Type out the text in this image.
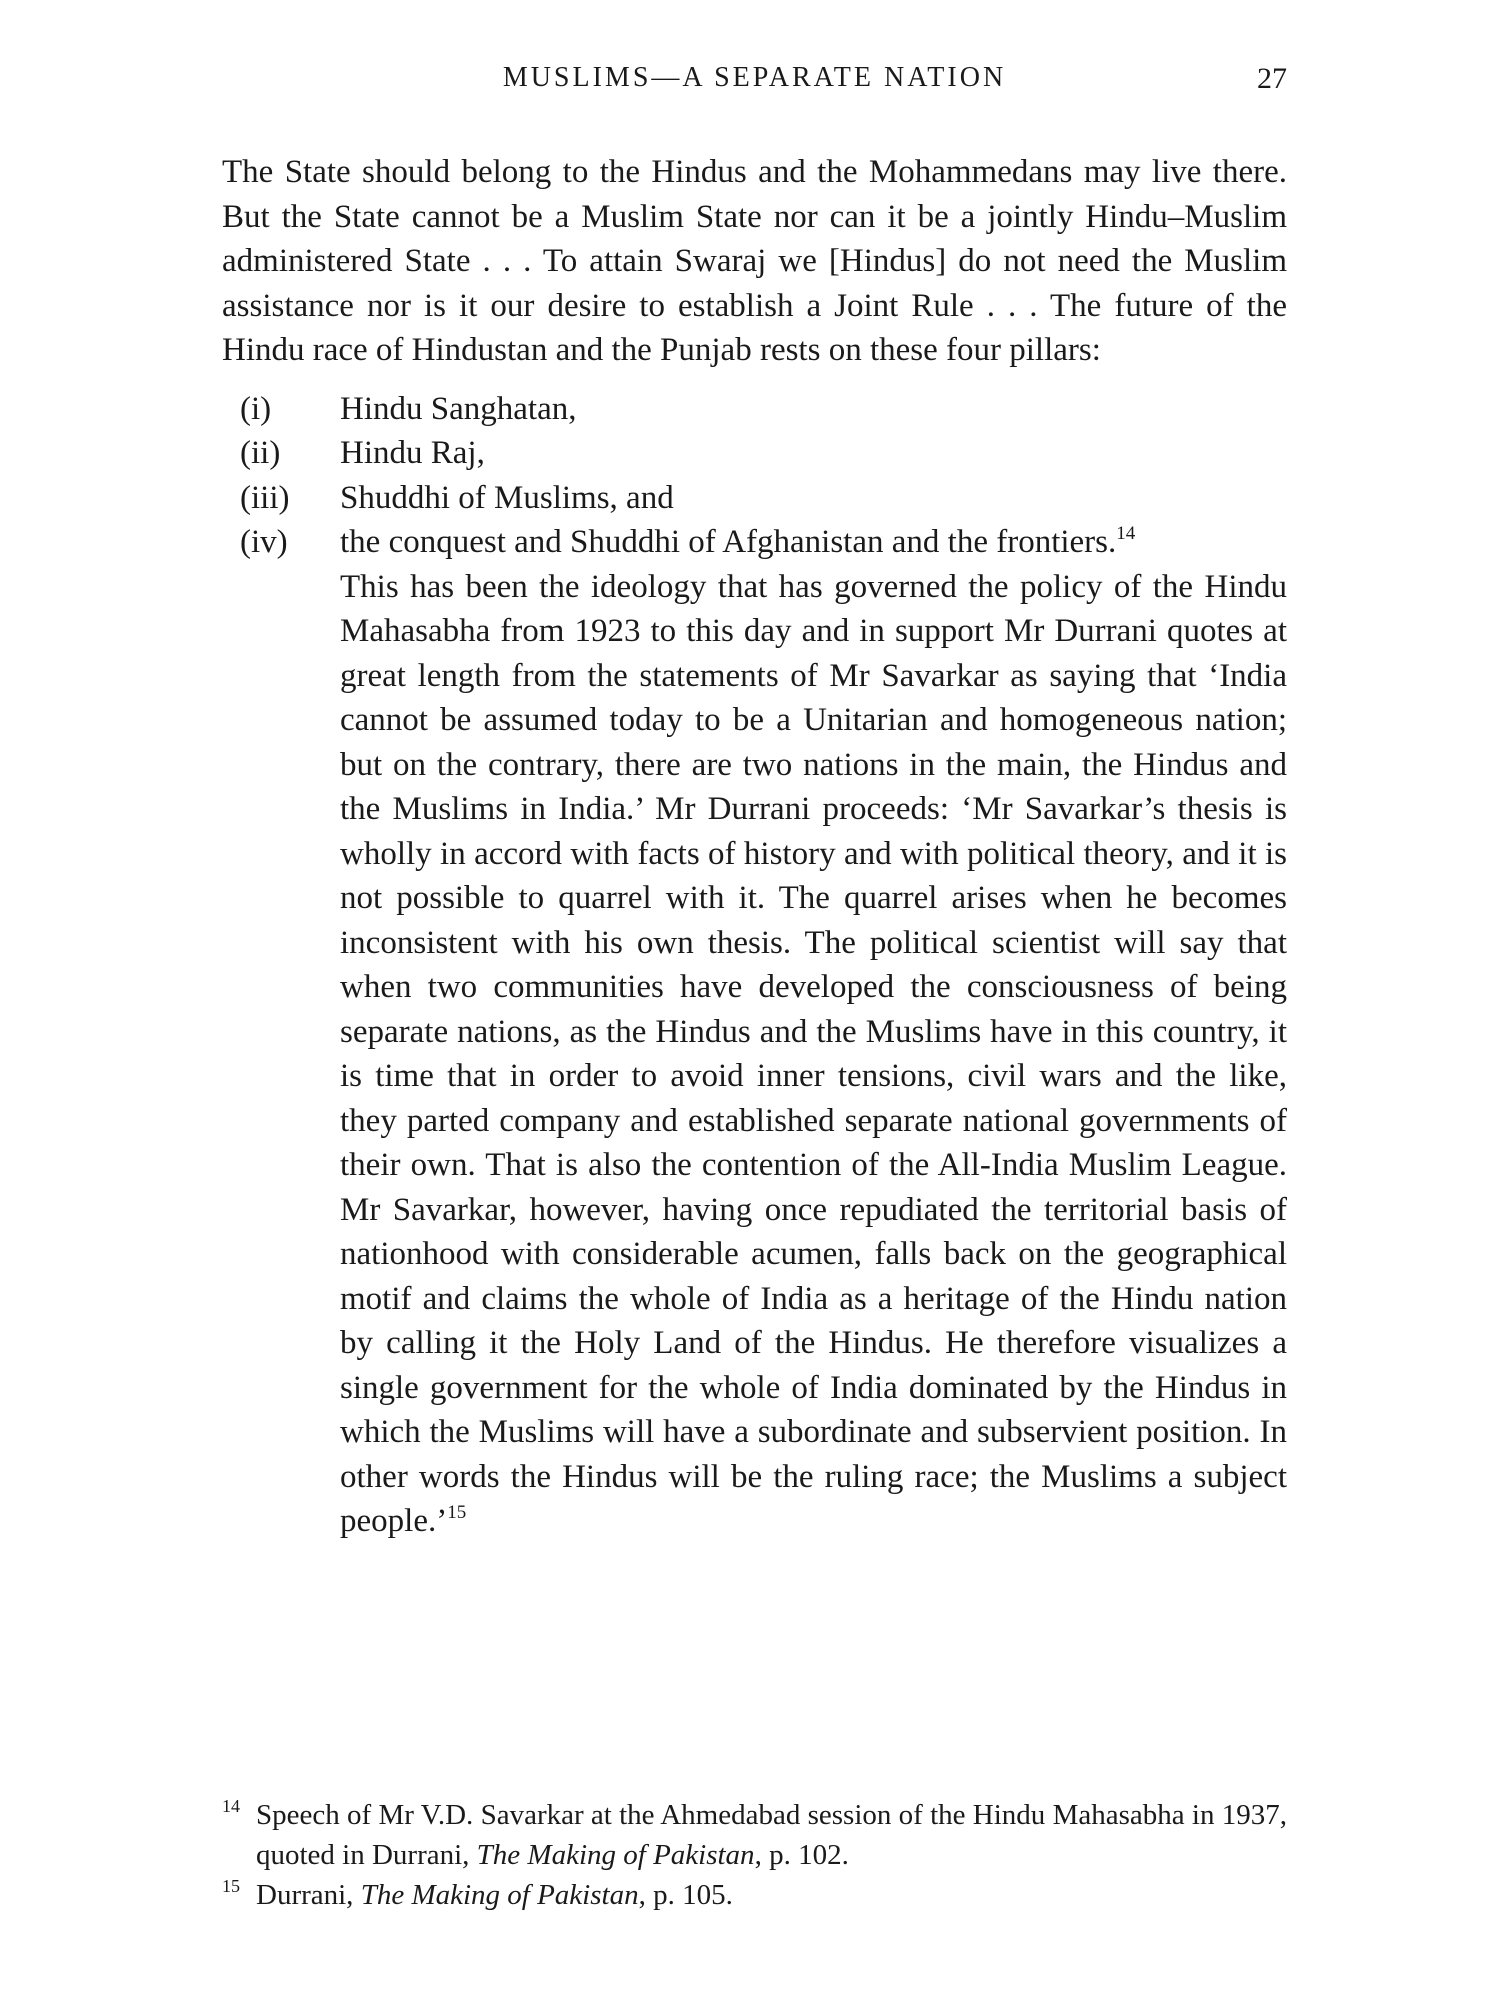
MUSLIMS—A SEPARATE NATION	27

The State should belong to the Hindus and the Mohammedans may live there. But the State cannot be a Muslim State nor can it be a jointly Hindu–Muslim administered State . . . To attain Swaraj we [Hindus] do not need the Muslim assistance nor is it our desire to establish a Joint Rule . . . The future of the Hindu race of Hindustan and the Punjab rests on these four pillars:

(i) Hindu Sanghatan,
(ii) Hindu Raj,
(iii) Shuddhi of Muslims, and
(iv) the conquest and Shuddhi of Afghanistan and the frontiers.$^{14}$

This has been the ideology that has governed the policy of the Hindu Mahasabha from 1923 to this day and in support Mr Durrani quotes at great length from the statements of Mr Savarkar as saying that ‘India cannot be assumed today to be a Unitarian and homogeneous nation; but on the contrary, there are two nations in the main, the Hindus and the Muslims in India.’ Mr Durrani proceeds: ‘Mr Savarkar’s thesis is wholly in accord with facts of history and with political theory, and it is not possible to quarrel with it. The quarrel arises when he becomes inconsistent with his own thesis. The political scientist will say that when two communities have developed the consciousness of being separate nations, as the Hindus and the Muslims have in this country, it is time that in order to avoid inner tensions, civil wars and the like, they parted company and established separate national governments of their own. That is also the contention of the All-India Muslim League. Mr Savarkar, however, having once repudiated the territorial basis of nationhood with considerable acumen, falls back on the geographical motif and claims the whole of India as a heritage of the Hindu nation by calling it the Holy Land of the Hindus. He therefore visualizes a single government for the whole of India dominated by the Hindus in which the Muslims will have a subordinate and subservient position. In other words the Hindus will be the ruling race; the Muslims a subject people.’$^{15}$

14 Speech of Mr V.D. Savarkar at the Ahmedabad session of the Hindu Mahasabha in 1937, quoted in Durrani, The Making of Pakistan, p. 102.

15 Durrani, The Making of Pakistan, p. 105.
